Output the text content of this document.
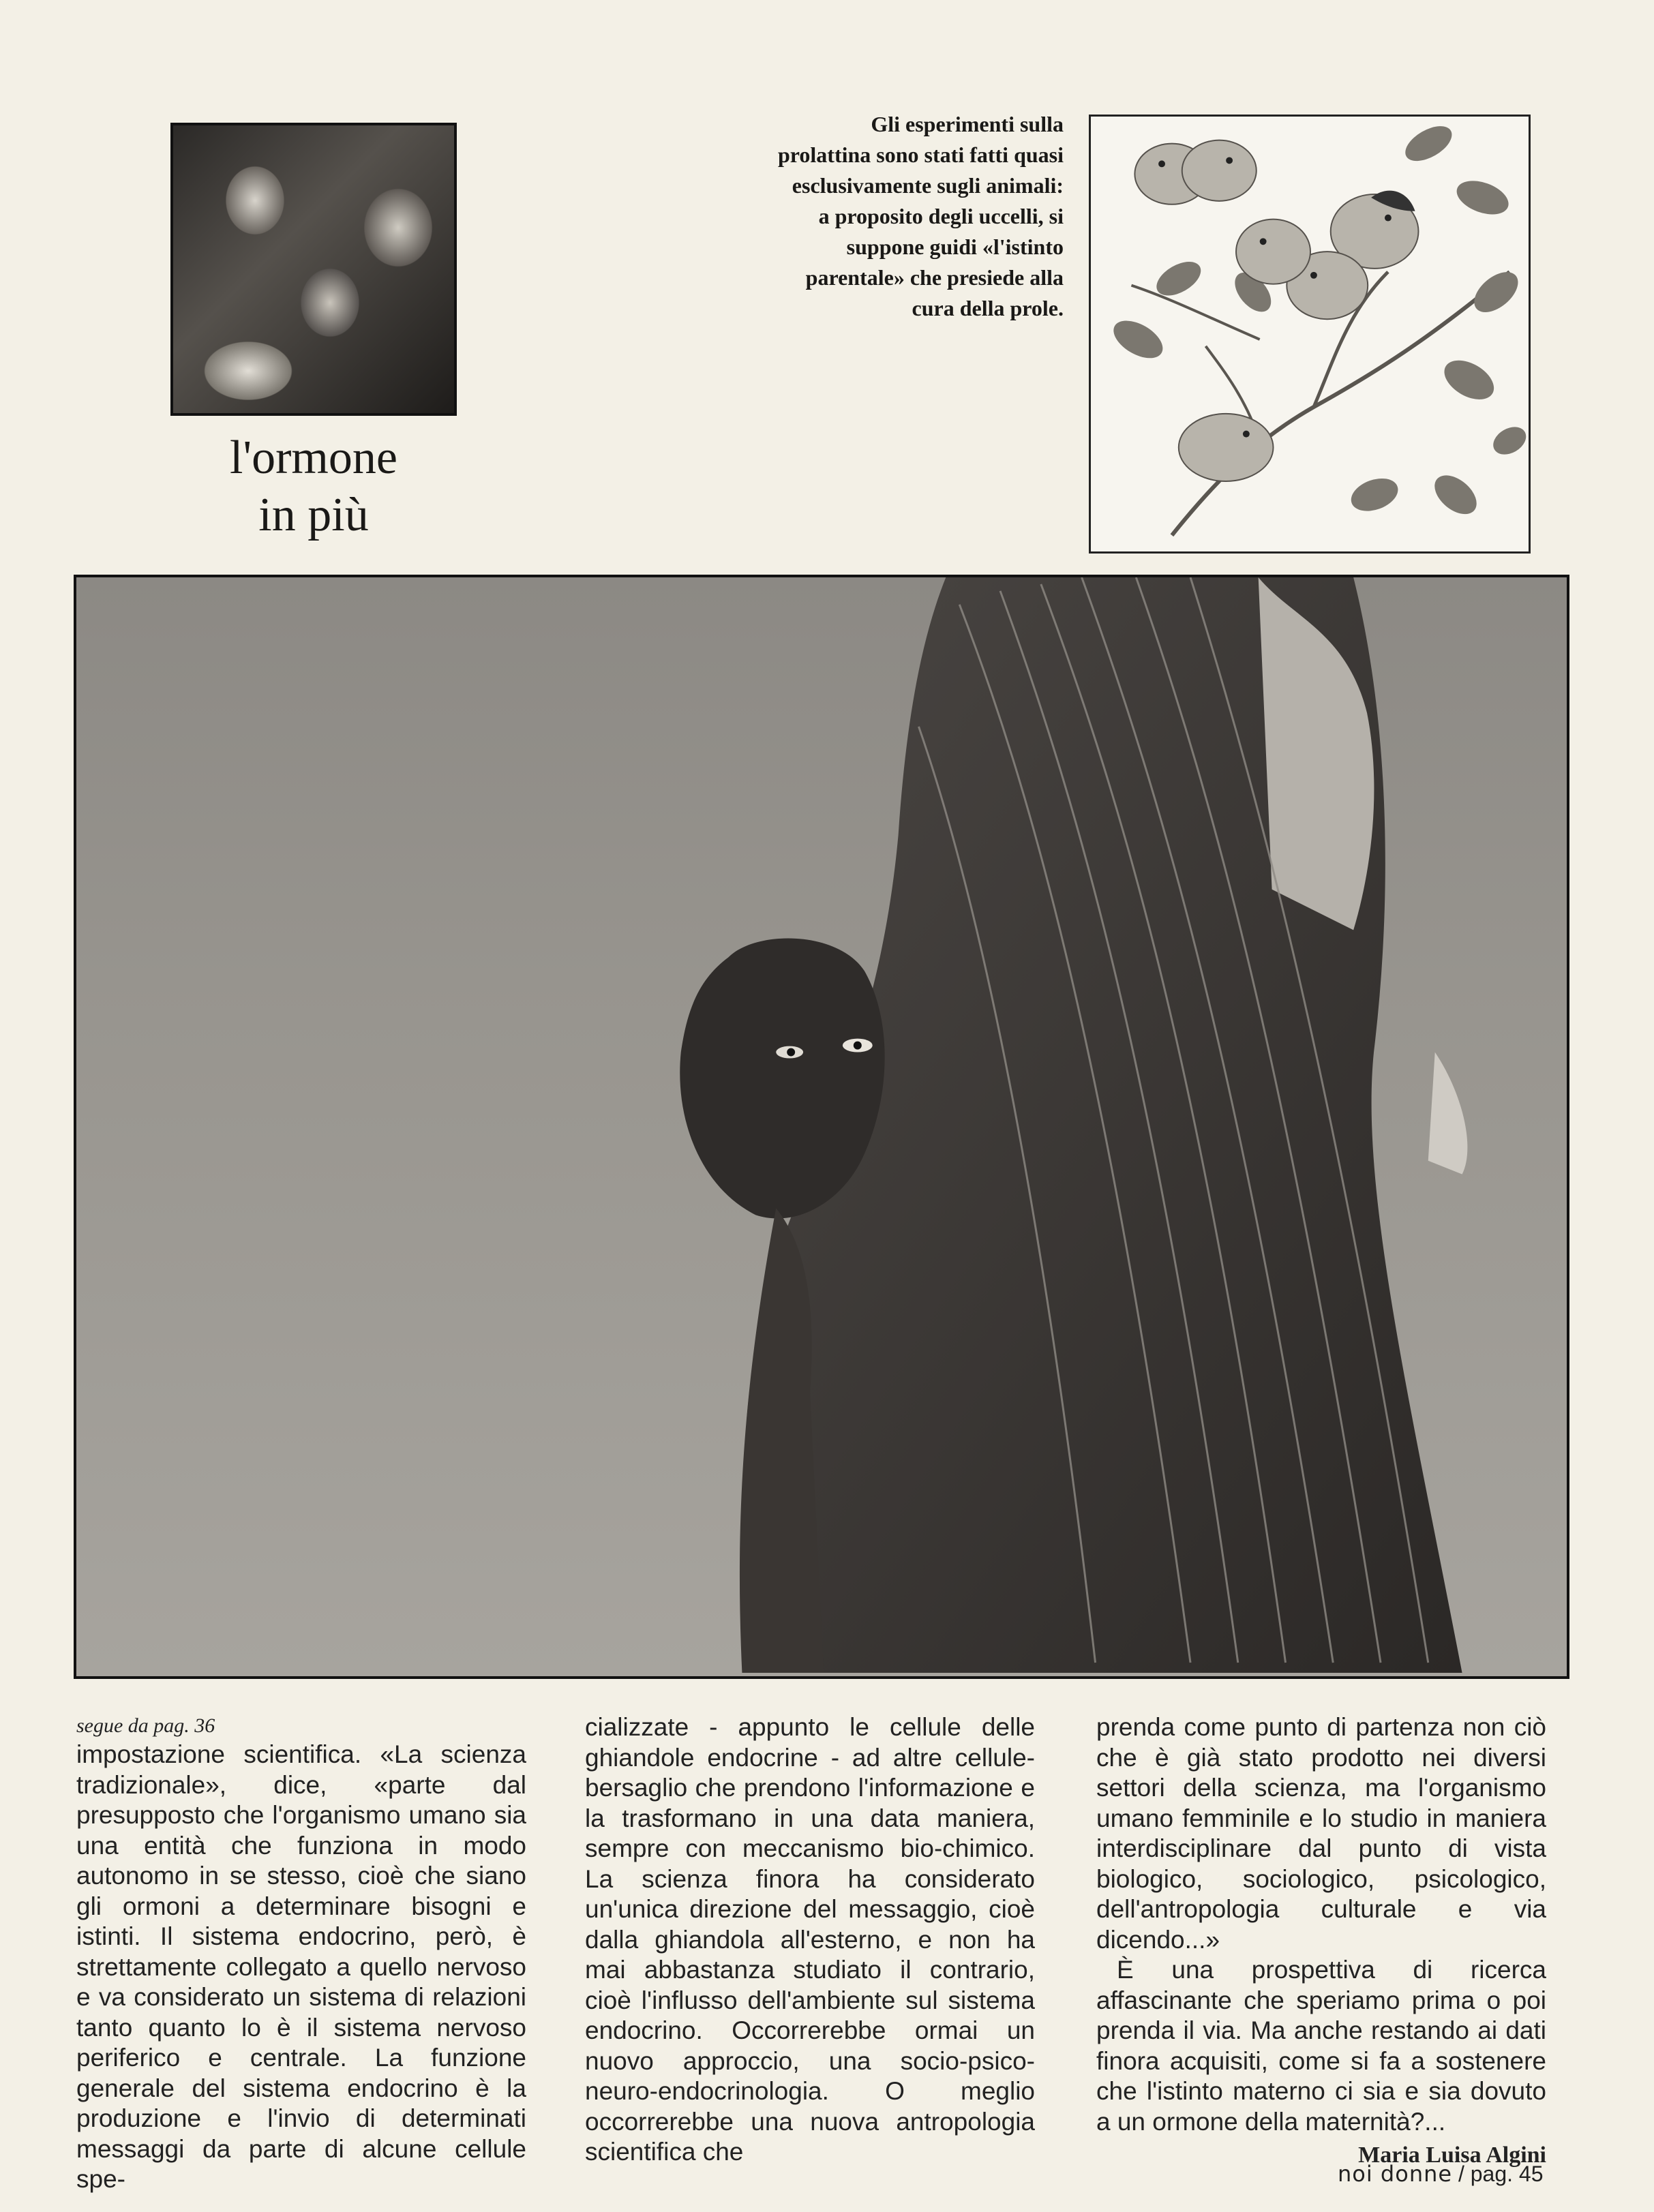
l'ormone
in più
Gli esperimenti sulla prolattina sono stati fatti quasi esclusivamente sugli animali: a proposito degli uccelli, si suppone guidi «l'istinto parentale» che presiede alla cura della prole.
segue da pag. 36

impostazione scientifica. «La scienza tradizionale», dice, «parte dal presupposto che l'organismo umano sia una entità che funziona in modo autonomo in se stesso, cioè che siano gli ormoni a determinare bisogni e istinti. Il sistema endocrino, però, è strettamente collegato a quello nervoso e va considerato un sistema di relazioni tanto quanto lo è il sistema nervoso periferico e centrale. La funzione generale del sistema endocrino è la produzione e l'invio di determinati messaggi da parte di alcune cellule spe-

cializzate - appunto le cellule delle ghiandole endocrine - ad altre cellule-bersaglio che prendono l'informazione e la trasformano in una data maniera, sempre con meccanismo bio-chimico. La scienza finora ha considerato un'unica direzione del messaggio, cioè dalla ghiandola all'esterno, e non ha mai abbastanza studiato il contrario, cioè l'influsso dell'ambiente sul sistema endocrino. Occorrerebbe ormai un nuovo approccio, una socio-psico-neuro-endocrinologia. O meglio occorrerebbe una nuova antropologia scientifica che

prenda come punto di partenza non ciò che è già stato prodotto nei diversi settori della scienza, ma l'organismo umano femminile e lo studio in maniera interdisciplinare dal punto di vista biologico, sociologico, psicologico, dell'antropologia culturale e via dicendo...»

È una prospettiva di ricerca affascinante che speriamo prima o poi prenda il via. Ma anche restando ai dati finora acquisiti, come si fa a sostenere che l'istinto materno ci sia e sia dovuto a un ormone della maternità?...

Maria Luisa Algini
noi donne / pag. 45
